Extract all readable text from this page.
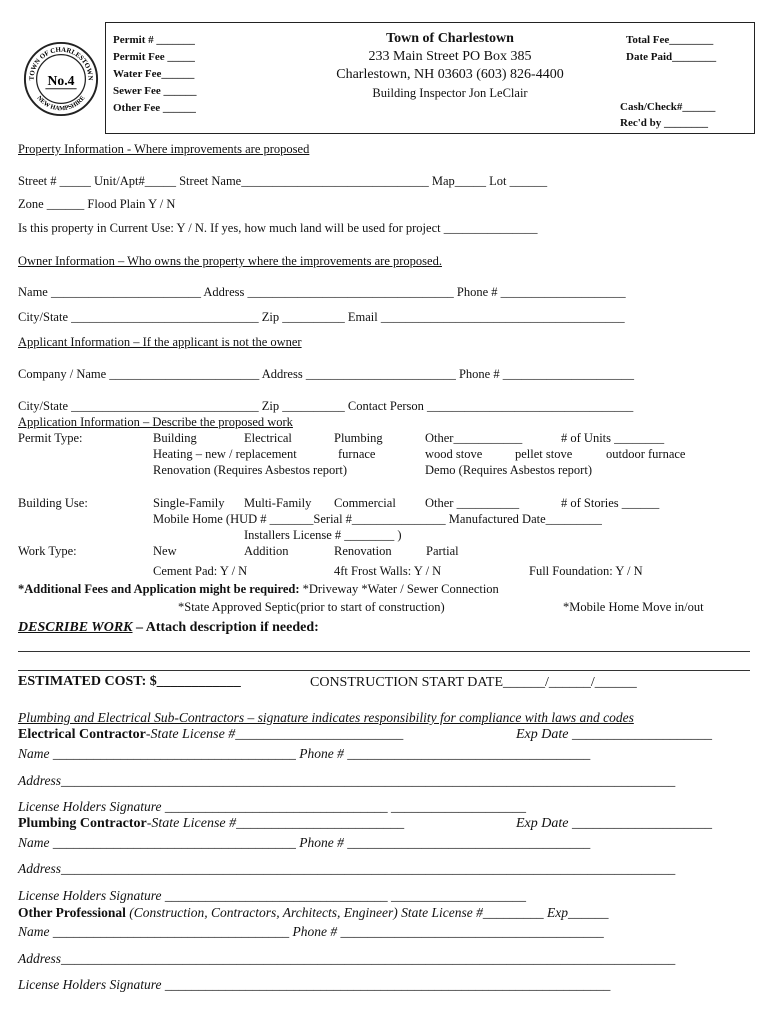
TOWN OF CHARLESTOWN
NEW HAMPSHIRE
No.4
Permit # _______
Permit Fee _____
Water Fee______
Sewer Fee ______
Other Fee ______
Town of Charlestown
233 Main Street PO Box 385
Charlestown, NH 03603 (603) 826-4400
Building Inspector Jon LeClair
Total Fee________
Date Paid________
Cash/Check#______
Rec'd by ________
Property Information - Where improvements are proposed
Street # _____ Unit/Apt#_____ Street Name______________________________ Map_____ Lot ______
Zone ______ Flood Plain Y / N
Is this property in Current Use: Y / N. If yes, how much land will be used for project _______________
Owner Information – Who owns the property where the improvements are proposed.
Name ________________________ Address _________________________________ Phone # ____________________
City/State ______________________________ Zip __________ Email _______________________________________
Applicant Information – If the applicant is not the owner
Company / Name ________________________ Address ________________________ Phone # _____________________
City/State ______________________________ Zip __________ Contact Person _________________________________
Application Information – Describe the proposed work
Permit Type:	Building	Electrical	Plumbing	Other___________	# of Units ________
Heating – new / replacement	furnace	wood stove	pellet stove	outdoor furnace
Renovation (Requires Asbestos report)	Demo (Requires Asbestos report)
Building Use:	Single-Family Multi-Family Commercial Other __________	# of Stories ______
Mobile Home (HUD # _______Serial #_______________ Manufactured Date_________
Installers License # ________ )
Work Type:	New	Addition	Renovation	Partial
Cement Pad: Y / N	4ft Frost Walls: Y / N	Full Foundation: Y / N
*Additional Fees and Application might be required: *Driveway *Water / Sewer Connection
*State Approved Septic(prior to start of construction)	*Mobile Home Move in/out
DESCRIBE WORK – Attach description if needed:
ESTIMATED COST: $____________	CONSTRUCTION START DATE______/______/______
Plumbing and Electrical Sub-Contractors – signature indicates responsibility for compliance with laws and codes
Electrical Contractor-State License #________________________	Exp Date ____________________
Name ____________________________________ Phone # ____________________________________
Address___________________________________________________________________________________________
License Holders Signature _________________________________ ____________________
Plumbing Contractor-State License #________________________	Exp Date ____________________
Name ____________________________________ Phone # ____________________________________
Address___________________________________________________________________________________________
License Holders Signature _________________________________ ____________________
Other Professional (Construction, Contractors, Architects, Engineer) State License #_________ Exp______
Name ___________________________________ Phone # _______________________________________
Address___________________________________________________________________________________________
License Holders Signature __________________________________________________________________
